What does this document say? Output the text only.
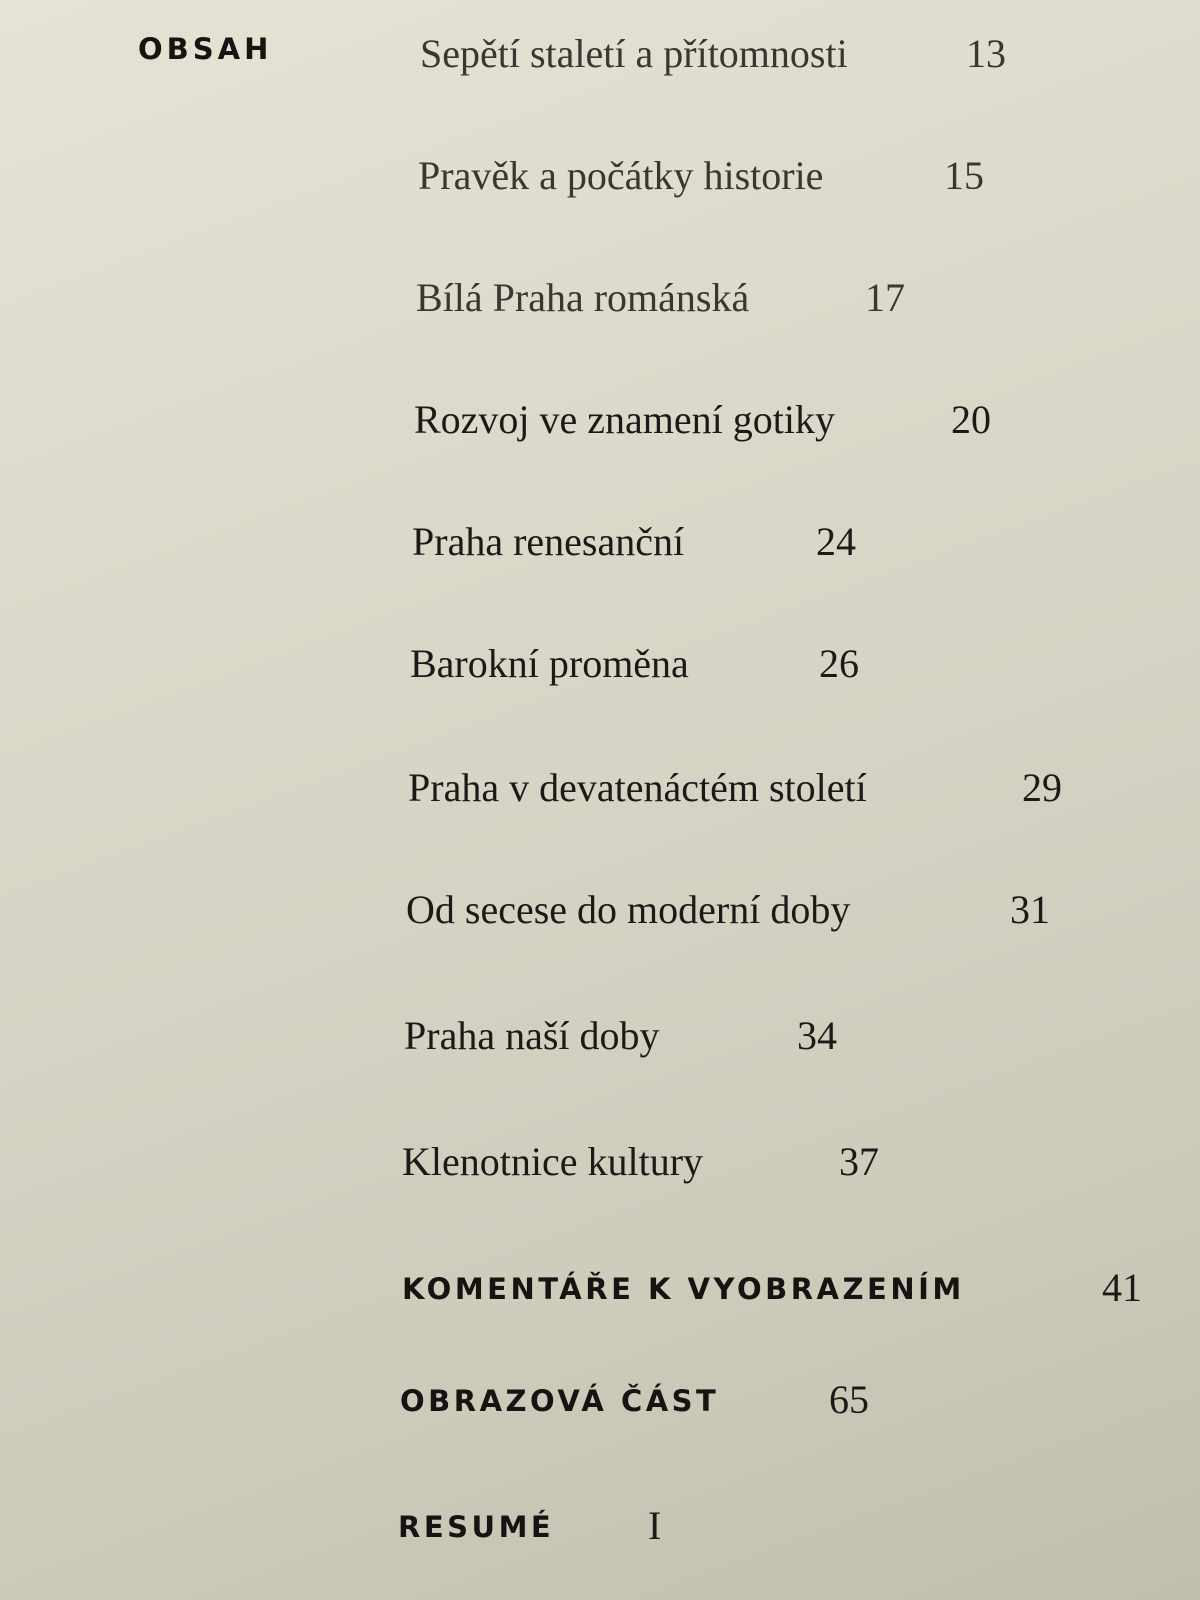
OBSAH	Sepětí staletí a přítomnosti	13
Pravěk a počátky historie	15
Bílá Praha románská	17
Rozvoj ve znamení gotiky	20
Praha renesanční	24
Barokní proměna	26
Praha v devatenáctém století	29
Od secese do moderní doby	31
Praha naší doby	34
Klenotnice kultury	37
KOMENTÁŘE K VYOBRAZENÍM	41
OBRAZOVÁ ČÁST	65
RESUMÉ I
